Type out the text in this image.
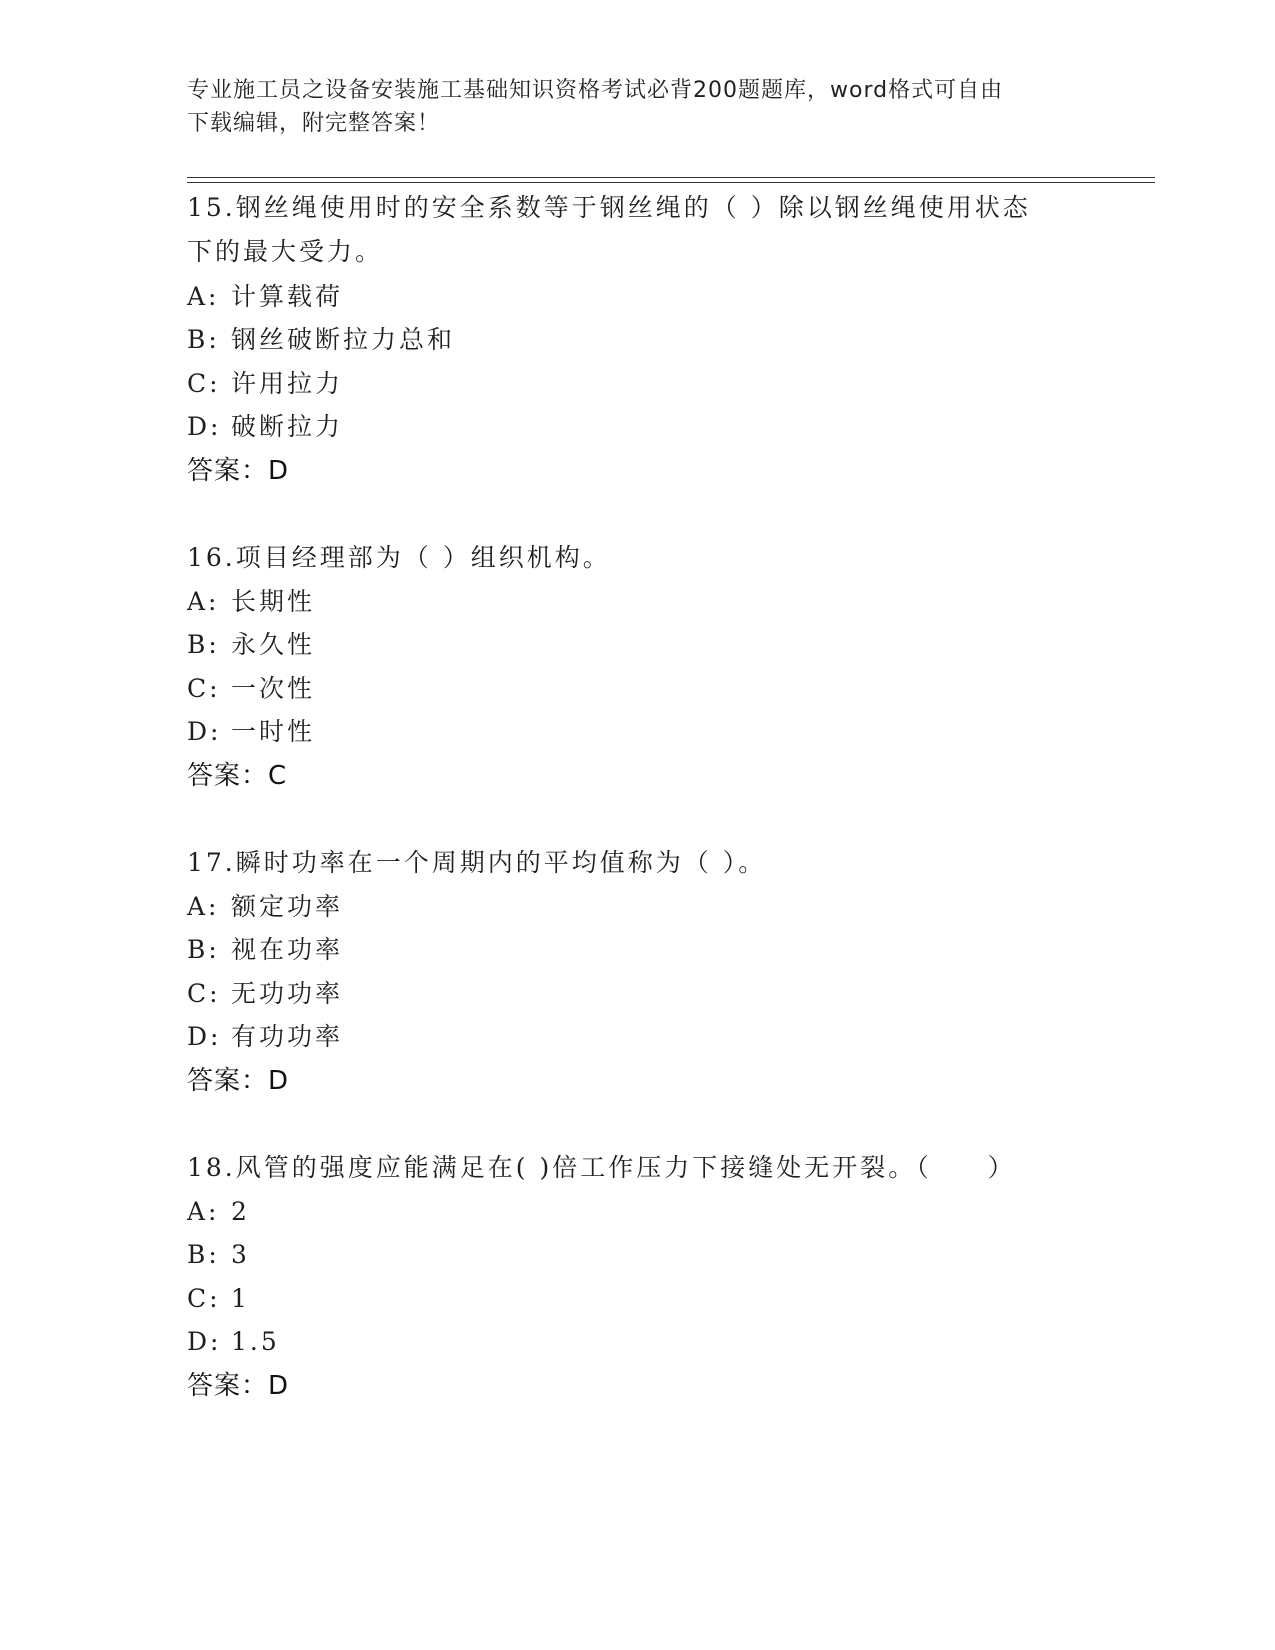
专业施工员之设备安装施工基础知识资格考试必背200题题库，word格式可自由
下载编辑，附完整答案！
15.钢丝绳使用时的安全系数等于钢丝绳的（ ）除以钢丝绳使用状态
下的最大受力。
A: 计算载荷
B: 钢丝破断拉力总和
C: 许用拉力
D: 破断拉力
答案：D
16.项目经理部为（ ）组织机构。
A: 长期性
B: 永久性
C: 一次性
D: 一时性
答案：C
17.瞬时功率在一个周期内的平均值称为（ ）。
A: 额定功率
B: 视在功率
C: 无功功率
D: 有功功率
答案：D
18.风管的强度应能满足在( )倍工作压力下接缝处无开裂。（　　）
A: 2
B: 3
C: 1
D: 1.5
答案：D
